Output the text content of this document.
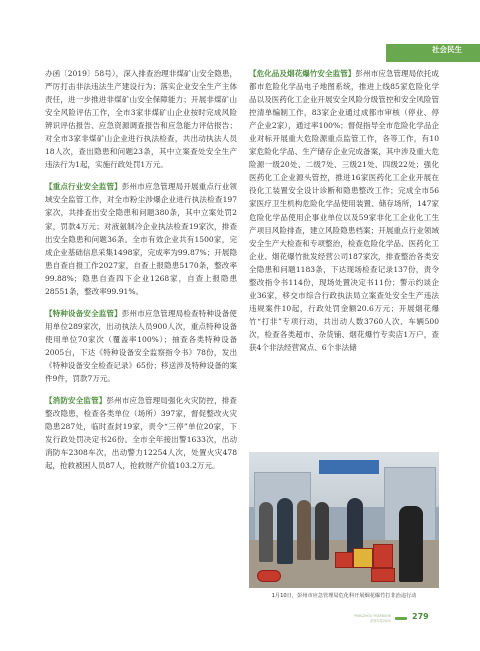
社会民生
SOCIAL PEOPLE'S LIVELIHOOD

办函〔2019〕58号），深入排查治理非煤矿山安全隐患，严厉打击非法违法生产建设行为；落实企业安全生产主体责任，进一步推进非煤矿山安全保障能力；开展非煤矿山安全风险评估工作，全市3家非煤矿山企业按时完成风险辨识评估报告、应急资源调查报告和应急能力评估报告；对全市3家非煤矿山企业进行执法检查，共出动执法人员18人次，查出隐患和问题23条，其中立案查处安全生产违法行为1起，实施行政处罚1万元。

【重点行业安全监管】彭州市应急管理局开展重点行业领域安全监管工作，对全市粉尘涉爆企业进行执法检查197家次，共排查出安全隐患和问题380条，其中立案处罚2家，罚款4万元；对液氨制冷企业执法检查19家次，排查出安全隐患和问题36条。全市有效企业共有1500家，完成企业基础信息采集1498家，完成率为99.87%；开展隐患自查自报工作2027家，自查上报隐患5170条，整改率99.88%；隐患自查四下企业1268家，自查上报隐患28551条，整改率99.91%。

【特种设备安全监管】彭州市应急管理局检查特种设备使用单位289家次，出动执法人员900人次，重点特种设备使用单位70家次（覆盖率100%）；抽查各类特种设备2005台，下达《特种设备安全监察指令书》78份，发出《特种设备安全检查记录》65份；移送涉及特种设备的案件9件，罚款7万元。

【消防安全监管】彭州市应急管理局强化火灾防控，排查整改隐患，检查各类单位（场所）397家，督促整改火灾隐患287处，临时查封19家，责令“三停”单位20家，下发行政处罚决定书26份。全市全年接出警1633次，出动消防车2308车次，出动警力12254人次，处置火灾478起，抢救被困人员87人，抢救财产价值103.2万元。

【危化品及烟花爆竹安全监管】彭州市应急管理局依托成都市危险化学品电子地图系统，推进上线85家危险化学品以及医药化工企业开展安全风险分级管控和安全风险管控清单编制工作，83家企业通过成都市审核（停业、停产企业2家），通过率100%；督促指导全市危险化学品企业对标开展重大危险源重点监管工作，各等工作，有10家危险化学品、生产储存企业完成备案，其中涉及重大危险源一级20处、二级7处、三级21处、四级22处；强化医药化工企业源头管控，推进16家医药化工企业开展在役化工装置安全设计诊断和隐患整改工作；完成全市56家医疗卫生机构危险化学品使用装置、储存场所，147家危险化学品使用企事业单位以及59家非化工企业化工生产项目风险排查，建立风险隐患档案；开展重点行业领域安全生产大检查和专项整治，检查危险化学品、医药化工企业、烟花爆竹批发经营公司187家次，排查整治各类安全隐患和问题1183条，下达现场检查记录137份，责令整改指令书114份，现场处置决定书11份；警示约谈企业36家，移交市综合行政执法局立案查处安全生产违法违规案件10起，行政处罚金额20.6万元；开展烟花爆竹“打非”专项行动，共出动人数3760人次、车辆500次，检查各类超市、杂货铺、烟花爆竹专卖店1万户，查获4个非法经营窝点、6个非法储

1月10日，彭州市应急管理局危化科开展烟花爆竹打非治违行动
PENGZHOU YEARBOOK
彭州年鉴2020	279
